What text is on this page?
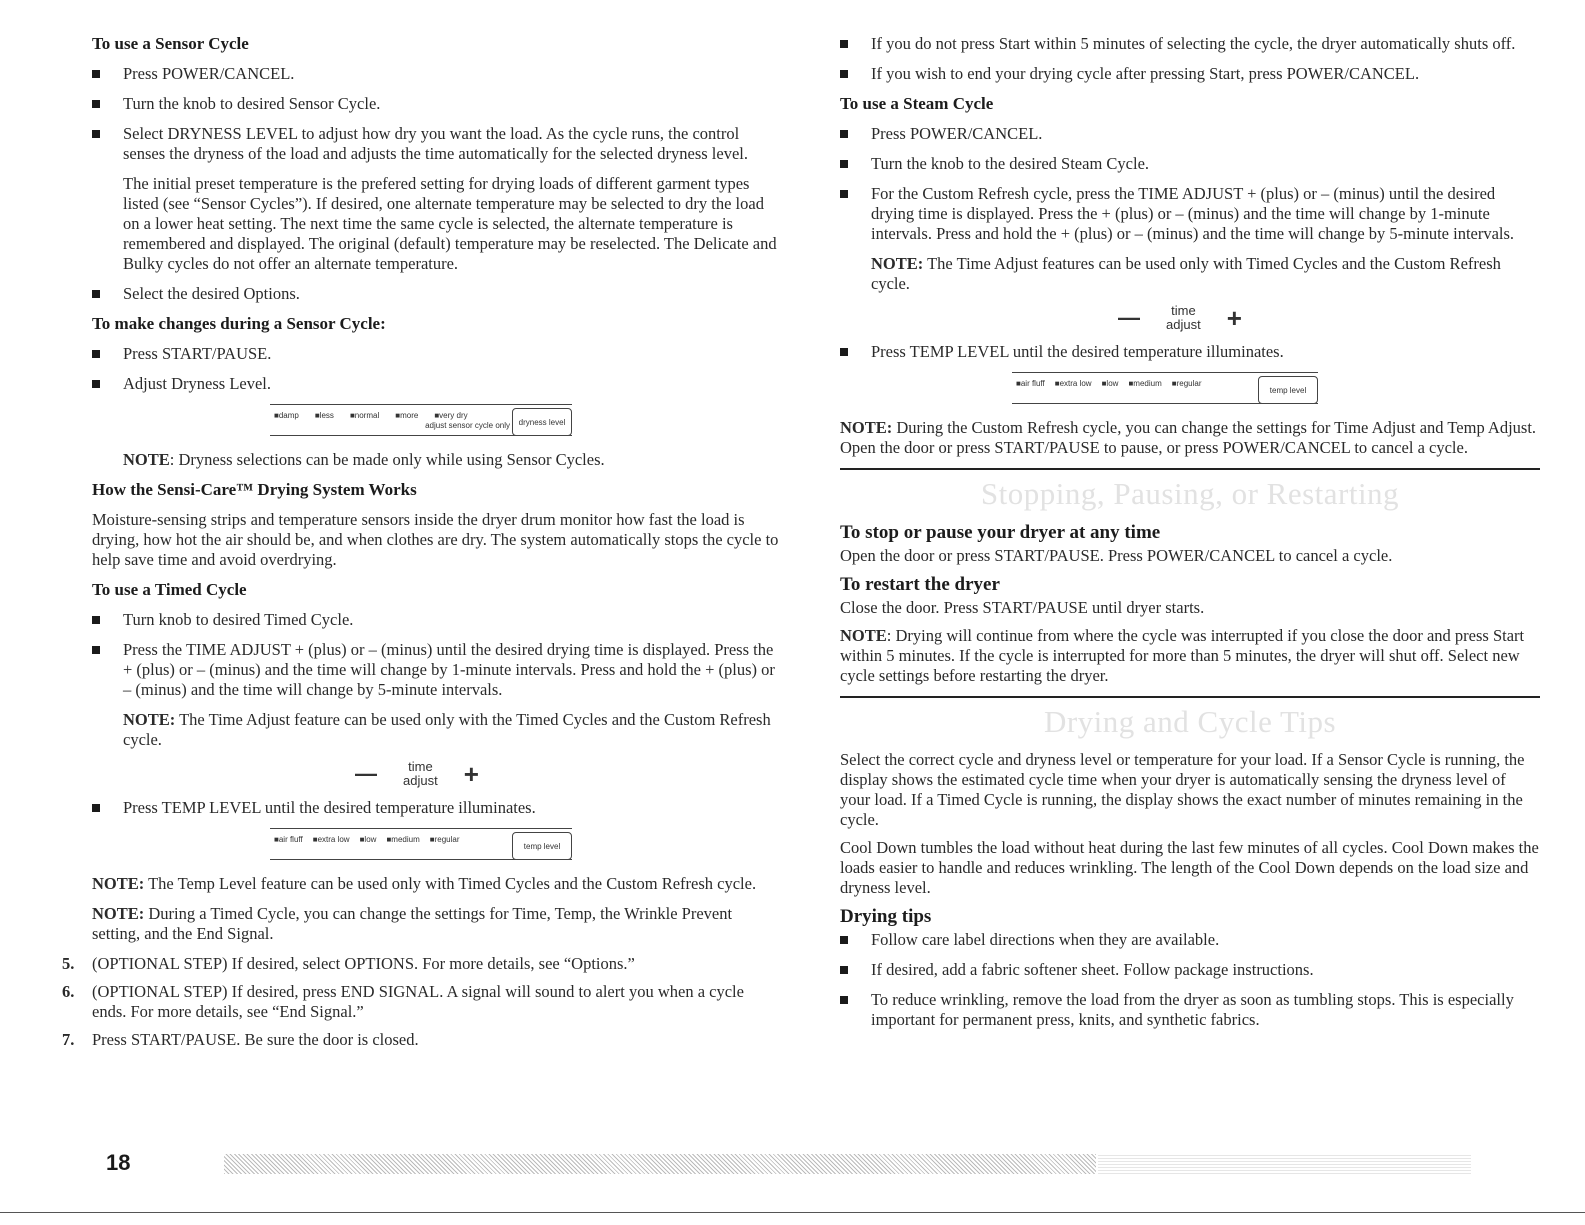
To use a Sensor Cycle

Press POWER/CANCEL.

Turn the knob to desired Sensor Cycle.

Select DRYNESS LEVEL to adjust how dry you want the load. As the cycle runs, the control senses the dryness of the load and adjusts the time automatically for the selected dryness level.

The initial preset temperature is the prefered setting for drying loads of different garment types listed (see “Sensor Cycles”). If desired, one alternate temperature may be selected to dry the load on a lower heat setting. The next time the same cycle is selected, the alternate temperature is remembered and displayed. The original (default) temperature may be reselected. The Delicate and Bulky cycles do not offer an alternate temperature.

Select the desired Options.

To make changes during a Sensor Cycle:

Press START/PAUSE.

Adjust Dryness Level.

■ damp	■ less	■ normal	■ more	■ very dry
adjust sensor cycle only	dryness level

NOTE: Dryness selections can be made only while using Sensor Cycles.

How the Sensi-Care™ Drying System Works

Moisture-sensing strips and temperature sensors inside the dryer drum monitor how fast the load is drying, how hot the air should be, and when clothes are dry. The system automatically stops the cycle to help save time and avoid overdrying.

To use a Timed Cycle

Turn knob to desired Timed Cycle.

Press the TIME ADJUST + (plus) or – (minus) until the desired drying time is displayed. Press the + (plus) or – (minus) and the time will change by 1-minute intervals. Press and hold the + (plus) or – (minus) and the time will change by 5-minute intervals.

NOTE: The Time Adjust feature can be used only with the Timed Cycles and the Custom Refresh cycle.

—	time
adjust +

Press TEMP LEVEL until the desired temperature illuminates.

■ air fluff	■ extra low	■ low	■ medium	■ regular
temp level

NOTE: The Temp Level feature can be used only with Timed Cycles and the Custom Refresh cycle.

NOTE: During a Timed Cycle, you can change the settings for Time, Temp, the Wrinkle Prevent setting, and the End Signal.

5. (OPTIONAL STEP) If desired, select OPTIONS. For more details, see “Options.”

6. (OPTIONAL STEP) If desired, press END SIGNAL. A signal will sound to alert you when a cycle ends. For more details, see “End Signal.”

7. Press START/PAUSE. Be sure the door is closed.

If you do not press Start within 5 minutes of selecting the cycle, the dryer automatically shuts off.

If you wish to end your drying cycle after pressing Start, press POWER/CANCEL.

To use a Steam Cycle

Press POWER/CANCEL.

Turn the knob to the desired Steam Cycle.

For the Custom Refresh cycle, press the TIME ADJUST + (plus) or – (minus) until the desired drying time is displayed. Press the + (plus) or – (minus) and the time will change by 1-minute intervals. Press and hold the + (plus) or – (minus) and the time will change by 5-minute intervals.

NOTE: The Time Adjust features can be used only with Timed Cycles and the Custom Refresh cycle.

—	time
adjust +

Press TEMP LEVEL until the desired temperature illuminates.

■ air fluff	■ extra low	■ low	■ medium	■ regular
temp level

NOTE: During the Custom Refresh cycle, you can change the settings for Time Adjust and Temp Adjust. Open the door or press START/PAUSE to pause, or press POWER/CANCEL to cancel a cycle.

Stopping, Pausing, or Restarting

To stop or pause your dryer at any time

Open the door or press START/PAUSE. Press POWER/CANCEL to cancel a cycle.

To restart the dryer

Close the door. Press START/PAUSE until dryer starts.

NOTE: Drying will continue from where the cycle was interrupted if you close the door and press Start within 5 minutes. If the cycle is interrupted for more than 5 minutes, the dryer will shut off. Select new cycle settings before restarting the dryer.

Drying and Cycle Tips

Select the correct cycle and dryness level or temperature for your load. If a Sensor Cycle is running, the display shows the estimated cycle time when your dryer is automatically sensing the dryness level of your load. If a Timed Cycle is running, the display shows the exact number of minutes remaining in the cycle.

Cool Down tumbles the load without heat during the last few minutes of all cycles. Cool Down makes the loads easier to handle and reduces wrinkling. The length of the Cool Down depends on the load size and dryness level.

Drying tips

Follow care label directions when they are available.

If desired, add a fabric softener sheet. Follow package instructions.

To reduce wrinkling, remove the load from the dryer as soon as tumbling stops. This is especially important for permanent press, knits, and synthetic fabrics.

18
